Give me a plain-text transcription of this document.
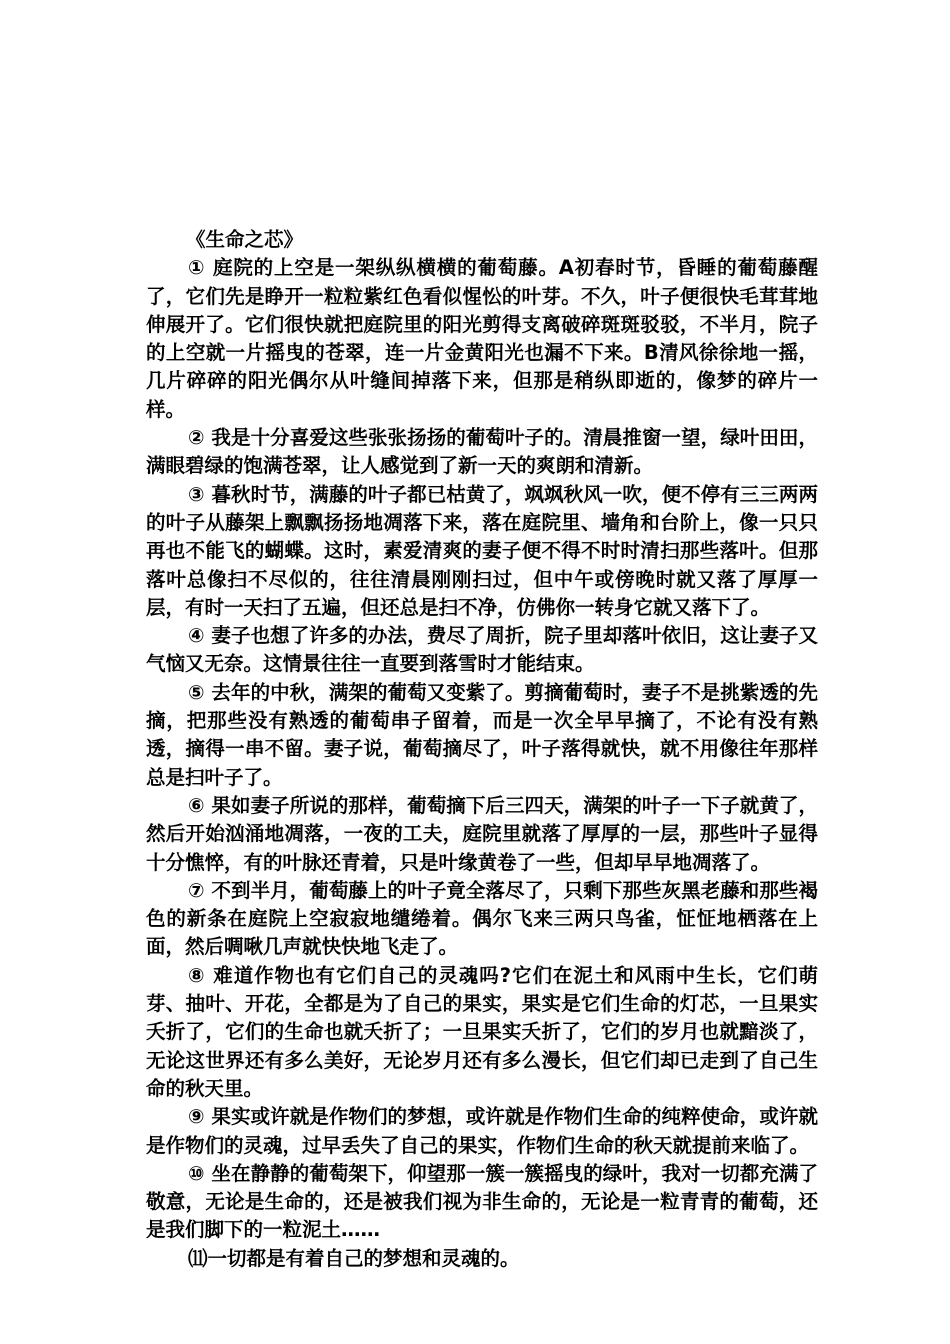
《生命之芯》

① 庭院的上空是一架纵纵横横的葡萄藤。A初春时节，昏睡的葡萄藤醒了，它们先是睁开一粒粒紫红色看似惺忪的叶芽。不久，叶子便很快毛茸茸地伸展开了。它们很快就把庭院里的阳光剪得支离破碎斑斑驳驳，不半月，院子的上空就一片摇曳的苍翠，连一片金黄阳光也漏不下来。B清风徐徐地一摇，几片碎碎的阳光偶尔从叶缝间掉落下来，但那是稍纵即逝的，像梦的碎片一样。

② 我是十分喜爱这些张张扬扬的葡萄叶子的。清晨推窗一望，绿叶田田，满眼碧绿的饱满苍翠，让人感觉到了新一天的爽朗和清新。

③ 暮秋时节，满藤的叶子都已枯黄了，飒飒秋风一吹，便不停有三三两两的叶子从藤架上飘飘扬扬地凋落下来，落在庭院里、墙角和台阶上，像一只只再也不能飞的蝴蝶。这时，素爱清爽的妻子便不得不时时清扫那些落叶。但那落叶总像扫不尽似的，往往清晨刚刚扫过，但中午或傍晚时就又落了厚厚一层，有时一天扫了五遍，但还总是扫不净，仿佛你一转身它就又落下了。

④ 妻子也想了许多的办法，费尽了周折，院子里却落叶依旧，这让妻子又气恼又无奈。这情景往往一直要到落雪时才能结束。

⑤ 去年的中秋，满架的葡萄又变紫了。剪摘葡萄时，妻子不是挑紫透的先摘，把那些没有熟透的葡萄串子留着，而是一次全早早摘了，不论有没有熟透，摘得一串不留。妻子说，葡萄摘尽了，叶子落得就快，就不用像往年那样总是扫叶子了。

⑥ 果如妻子所说的那样，葡萄摘下后三四天，满架的叶子一下子就黄了，然后开始汹涌地凋落，一夜的工夫，庭院里就落了厚厚的一层，那些叶子显得十分憔悴，有的叶脉还青着，只是叶缘黄卷了一些，但却早早地凋落了。

⑦ 不到半月，葡萄藤上的叶子竟全落尽了，只剩下那些灰黑老藤和那些褐色的新条在庭院上空寂寂地缱绻着。偶尔飞来三两只鸟雀，怔怔地栖落在上面，然后啁啾几声就快快地飞走了。

⑧ 难道作物也有它们自己的灵魂吗?它们在泥土和风雨中生长，它们萌芽、抽叶、开花，全都是为了自己的果实，果实是它们生命的灯芯，一旦果实夭折了，它们的生命也就夭折了；一旦果实夭折了，它们的岁月也就黯淡了，无论这世界还有多么美好，无论岁月还有多么漫长，但它们却已走到了自己生命的秋天里。

⑨ 果实或许就是作物们的梦想，或许就是作物们生命的纯粹使命，或许就是作物们的灵魂，过早丢失了自己的果实，作物们生命的秋天就提前来临了。

⑩ 坐在静静的葡萄架下，仰望那一簇一簇摇曳的绿叶，我对一切都充满了敬意，无论是生命的，还是被我们视为非生命的，无论是一粒青青的葡萄，还是我们脚下的一粒泥土……

⑾一切都是有着自己的梦想和灵魂的。
